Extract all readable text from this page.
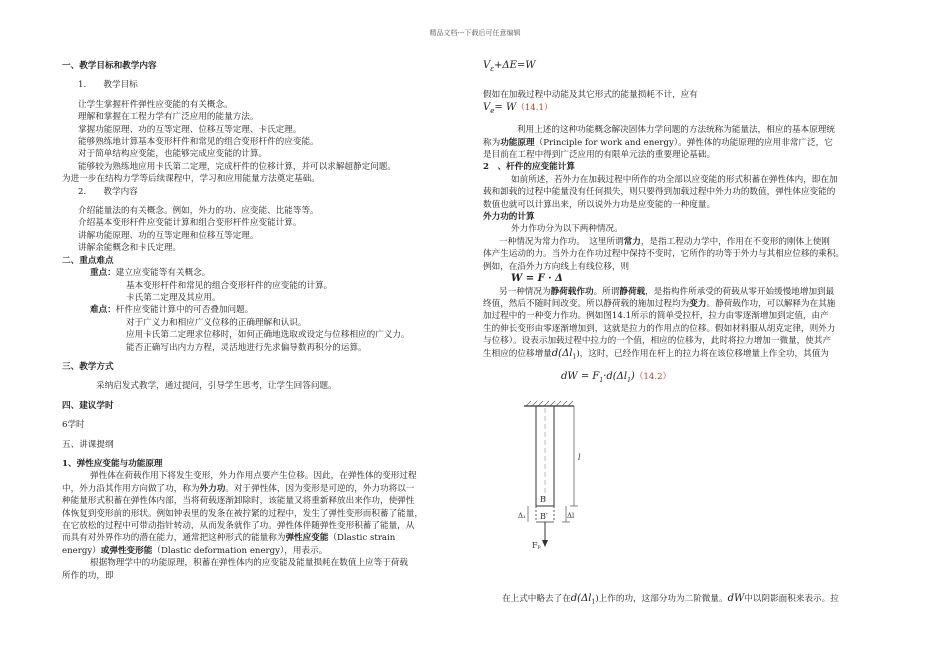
精品文档---下载后可任意编辑

一、教学目标和教学内容

1.　　教学目标

让学生掌握杆件弹性应变能的有关概念。

理解和掌握在工程力学有广泛应用的能量方法。

掌握功能原理、功的互等定理、位移互等定理、卡氏定理。

能够熟练地计算基本变形杆件和常见的组合变形杆件的应变能。

对于简单结构应变能，也能够完成应变能的计算。

能够较为熟练地应用卡氏第二定理，完成杆件的位移计算，并可以求解超静定问题。

为进一步在结构力学等后续课程中，学习和应用能量方法奠定基础。

2.　　教学内容

介绍能量法的有关概念。例如，外力的功、应变能、比能等等。

介绍基本变形杆件应变能计算和组合变形杆件应变能计算。

讲解功能原理、功的互等定理和位移互等定理。

讲解余能概念和卡氏定理。

二、重点难点

重点：建立应变能等有关概念。

基本变形杆件和常见的组合变形杆件的应变能的计算。

卡氏第二定理及其应用。

难点：杆件应变能计算中的可否叠加问题。

对于广义力和相应广义位移的正确理解和认识。

应用卡氏第二定理求位移时，如何正确地选取或设定与位移相应的广义力。

能否正确写出内力方程，灵活地进行先求偏导数再积分的运算。

三、教学方式

采纳启发式教学，通过提问，引导学生思考，让学生回答问题。

四、建议学时

6学时

五、讲课提纲

1、弹性应变能与功能原理

弹性体在荷载作用下将发生变形，外力作用点要产生位移。因此，在弹性体的变形过程

中，外力沿其作用方向做了功，称为外力功。对于弹性体，因为变形是可逆的，外力功将以一

种能量形式积蓄在弹性体内部，当将荷载逐渐卸除时，该能量又将重新释放出来作功，使弹性

体恢复到变形前的形状。例如钟表里的发条在被拧紧的过程中，发生了弹性变形而积蓄了能量，

在它放松的过程中可带动指针转动，从而发条就作了功。弹性体伴随弹性变形积蓄了能量，从

而具有对外界作功的潜在能力，通常把这种形式的能量称为弹性应变能（Dlastic strain

energy）或弹性变形能（Dlastic deformation energy），用表示。

根据物理学中的功能原理，积蓄在弹性体内的应变能及能量损耗在数值上应等于荷载

所作的功，即

$V_\varepsilon+\Delta E=W$

假如在加载过程中动能及其它形式的能量损耗不计，应有

$V_e= W(14.1)$

利用上述的这种功能概念解决固体力学问题的方法统称为能量法，相应的基本原理统

称为功能原理（Principle for work and energy）。弹性体的功能原理的应用非常广泛，它

是目前在工程中得到广泛应用的有限单元法的重要理论基础。

2　、杆件的应变能计算

如前所述，若外力在加载过程中所作的功全部以应变能的形式积蓄在弹性体内，即在加

载和卸载的过程中能量没有任何损失，则只要得到加载过程中外力功的数值，弹性体应变能的

数值也就可以计算出来，所以说外力功是应变能的一种度量。

外力功的计算

外力作功分为以下两种情况。

一种情况为常力作功。　这里所谓常力，是指工程动力学中，作用在不变形的刚体上使刚

体产生运动的力。当外力在作功过程中保持不变时，它所作的功等于外力与其相应位移的乘积。

例如，在沿外力方向线上有线位移，则

W = F · Δ

另一种情况为静荷载作功。所谓静荷载，是指构件所承受的荷载从零开始缓慢地增加到最

终值，然后不随时间改变。所以静荷载的施加过程均为变力。静荷载作功，可以解释为在其施

加过程中的一种变力作功。例如图14.1所示的简单受拉杆，拉力由零逐渐增加到定值，由产

生的伸长变形由零逐渐增加到，这就是拉力的作用点的位移。假如材料服从胡克定律，则外力

与位移）。设表示加载过程中拉力的一个值，相应的位移为，此时将拉力增加一微量，使其产

生相应的位移增量$d(\Delta l_1)$，这时，已经作用在杆上的拉力将在该位移增量上作全功，其值为

dW = $F_1\cdot d(\Delta l_1)(14.2)$

l
B
B′
Δ₁	Δl
Fₚ

在上式中略去了在$d(\Delta l_1)$上作的功，这部分功为二阶微量。dW中以阴影面积来表示。拉
